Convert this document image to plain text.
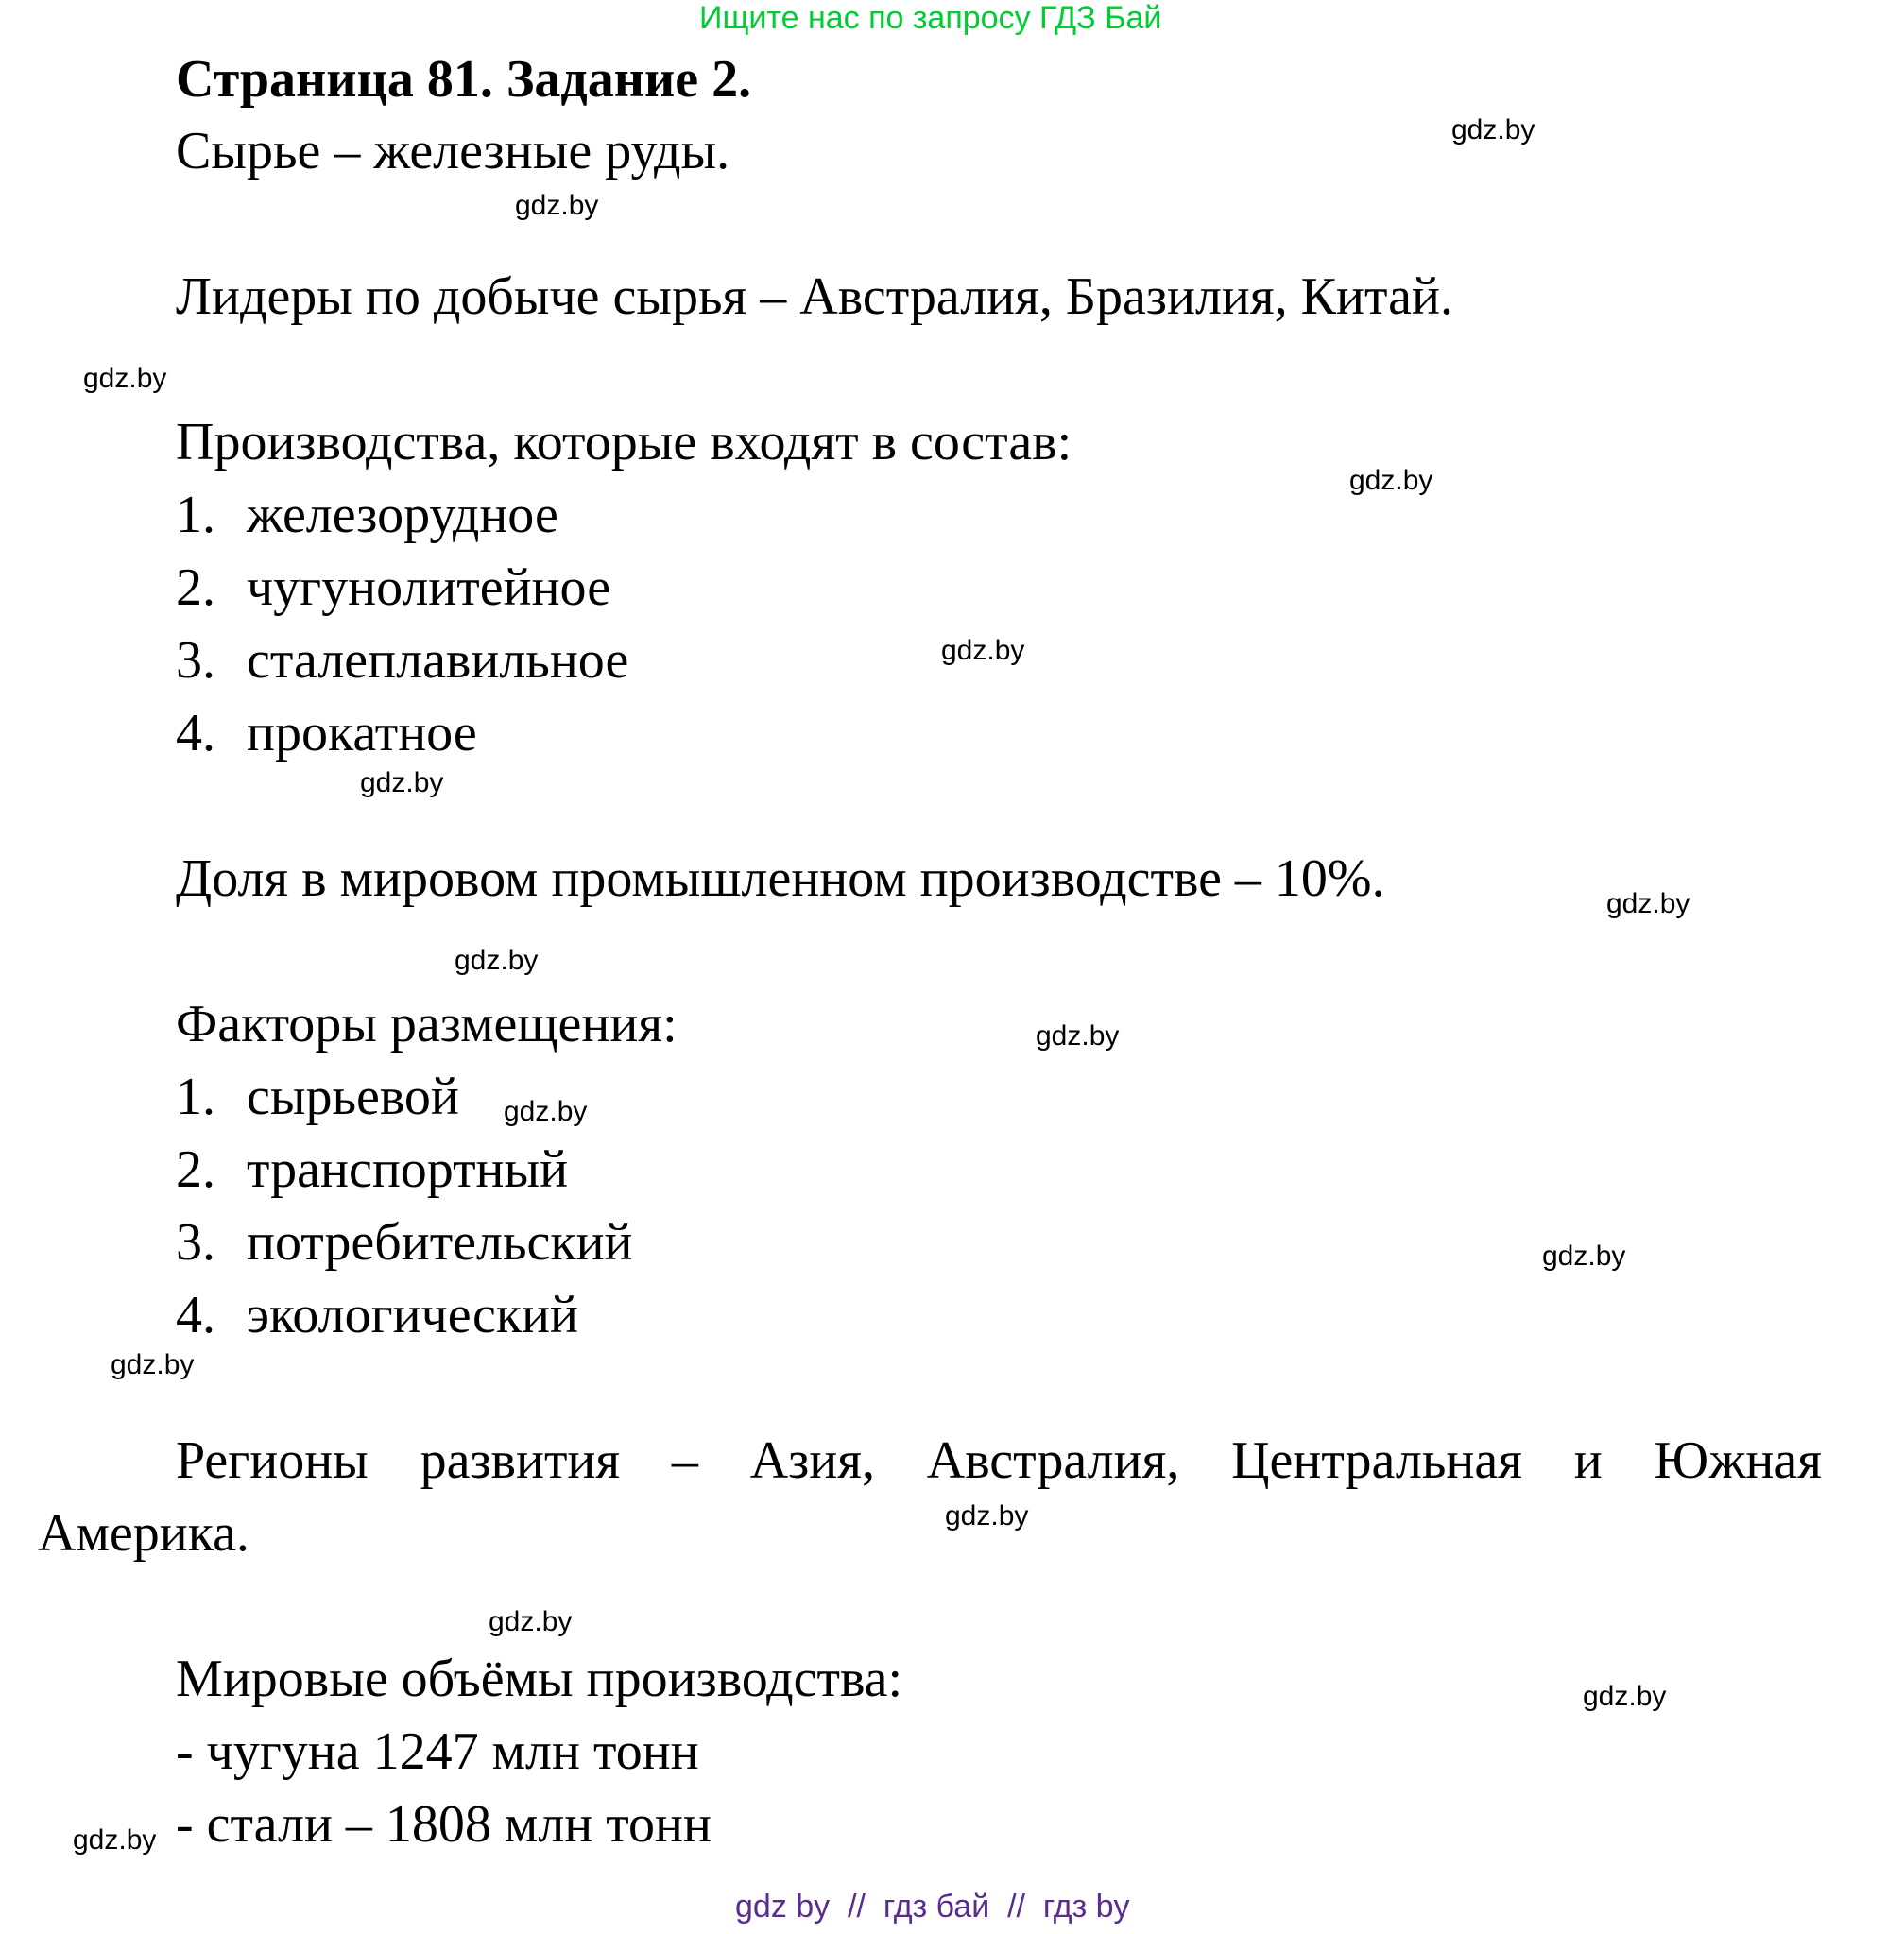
Ищите нас по запросу ГДЗ Бай
Страница 81. Задание 2.
Сырье – железные руды.
Лидеры по добыче сырья – Австралия, Бразилия, Китай.
Производства, которые входят в состав:
1. железорудное
2. чугунолитейное
3. сталеплавильное
4. прокатное
Доля в мировом промышленном производстве – 10%.
Факторы размещения:
1. сырьевой
2. транспортный
3. потребительский
4. экологический
Регионы развития – Азия, Австралия, Центральная и Южная
Америка.
Мировые объёмы производства:
- чугуна 1247 млн тонн
- стали – 1808 млн тонн
gdz.by
gdz.by
gdz.by
gdz.by
gdz.by
gdz.by
gdz.by
gdz.by
gdz.by
gdz.by
gdz.by
gdz.by
gdz.by
gdz.by
gdz.by
gdz.by
gdz by  //  гдз бай  //  гдз by
